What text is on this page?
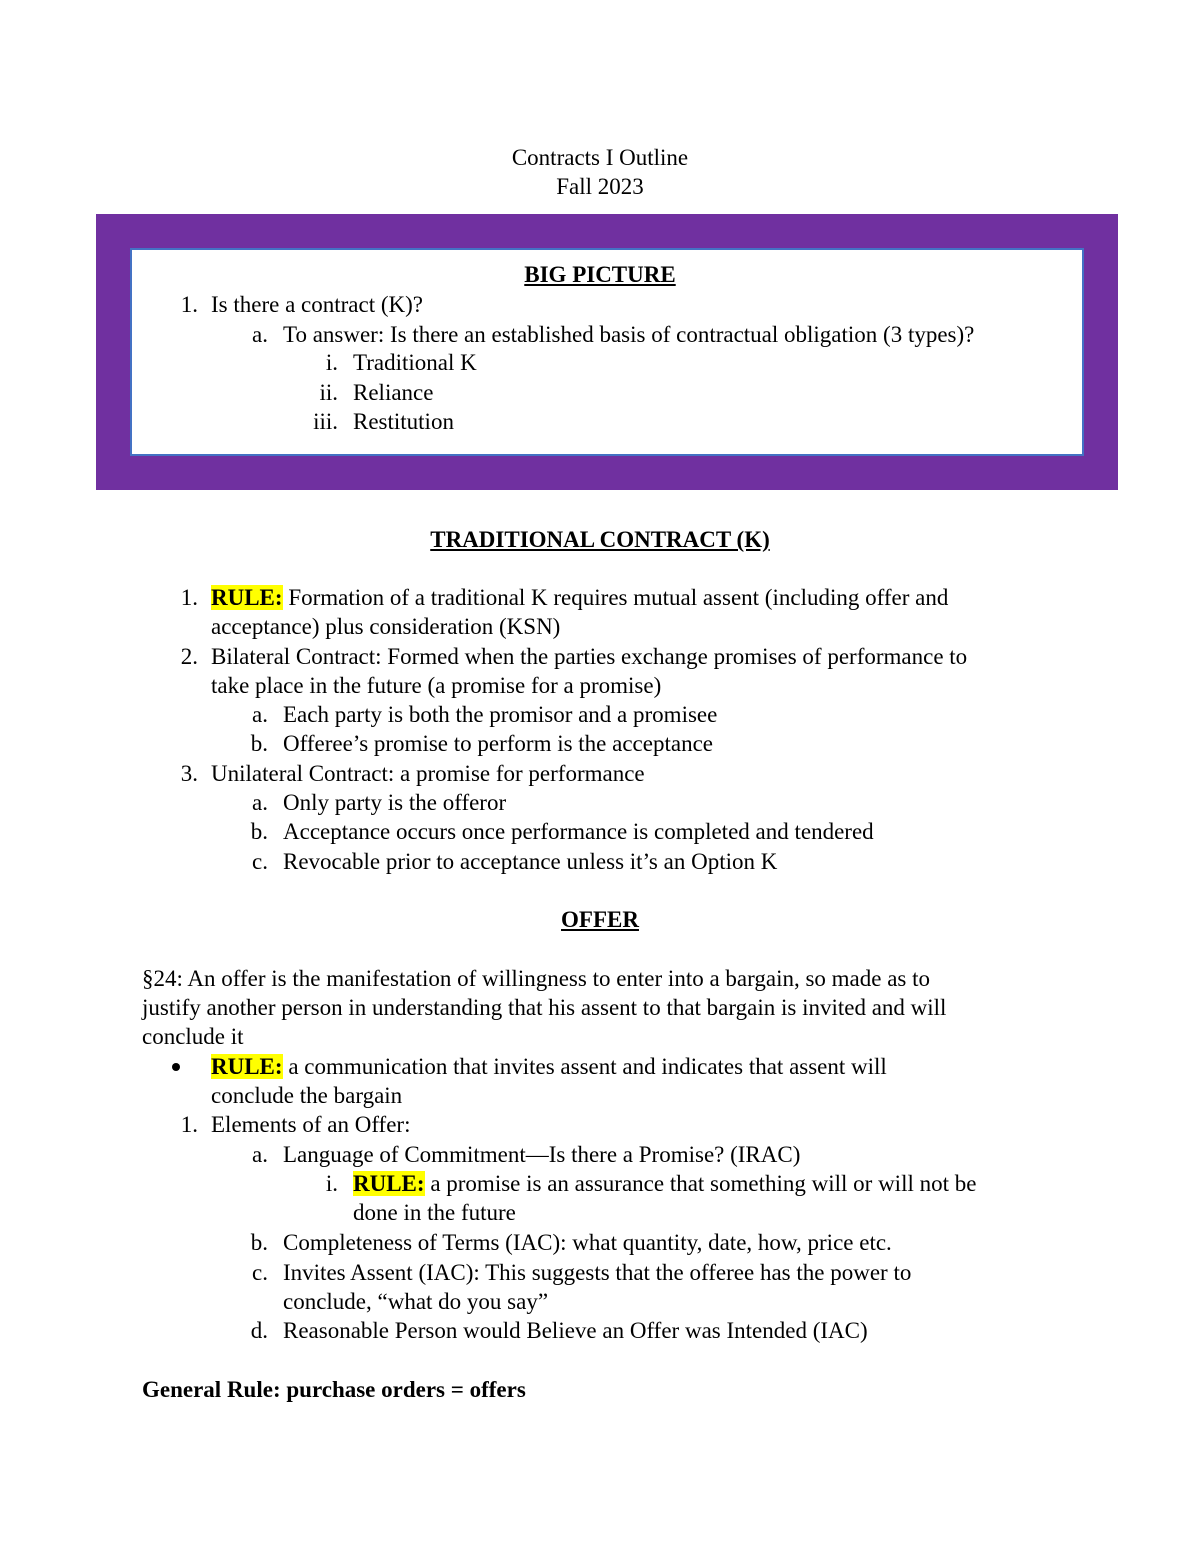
Contracts I Outline

Fall 2023

BIG PICTURE

1. Is there a contract (K)?

a. To answer: Is there an established basis of contractual obligation (3 types)?

i. Traditional K

ii. Reliance

iii. Restitution

TRADITIONAL CONTRACT (K)

1. RULE: Formation of a traditional K requires mutual assent (including offer and

acceptance) plus consideration (KSN)

2. Bilateral Contract: Formed when the parties exchange promises of performance to

take place in the future (a promise for a promise)

a. Each party is both the promisor and a promisee

b. Offeree’s promise to perform is the acceptance

3. Unilateral Contract: a promise for performance

a. Only party is the offeror

b. Acceptance occurs once performance is completed and tendered

c. Revocable prior to acceptance unless it’s an Option K

OFFER

§24: An offer is the manifestation of willingness to enter into a bargain, so made as to

justify another person in understanding that his assent to that bargain is invited and will

conclude it

RULE: a communication that invites assent and indicates that assent will

conclude the bargain

1. Elements of an Offer:

a. Language of Commitment—Is there a Promise? (IRAC)

i. RULE: a promise is an assurance that something will or will not be

done in the future

b. Completeness of Terms (IAC): what quantity, date, how, price etc.

c. Invites Assent (IAC): This suggests that the offeree has the power to

conclude, “what do you say”

d. Reasonable Person would Believe an Offer was Intended (IAC)

General Rule: purchase orders = offers
